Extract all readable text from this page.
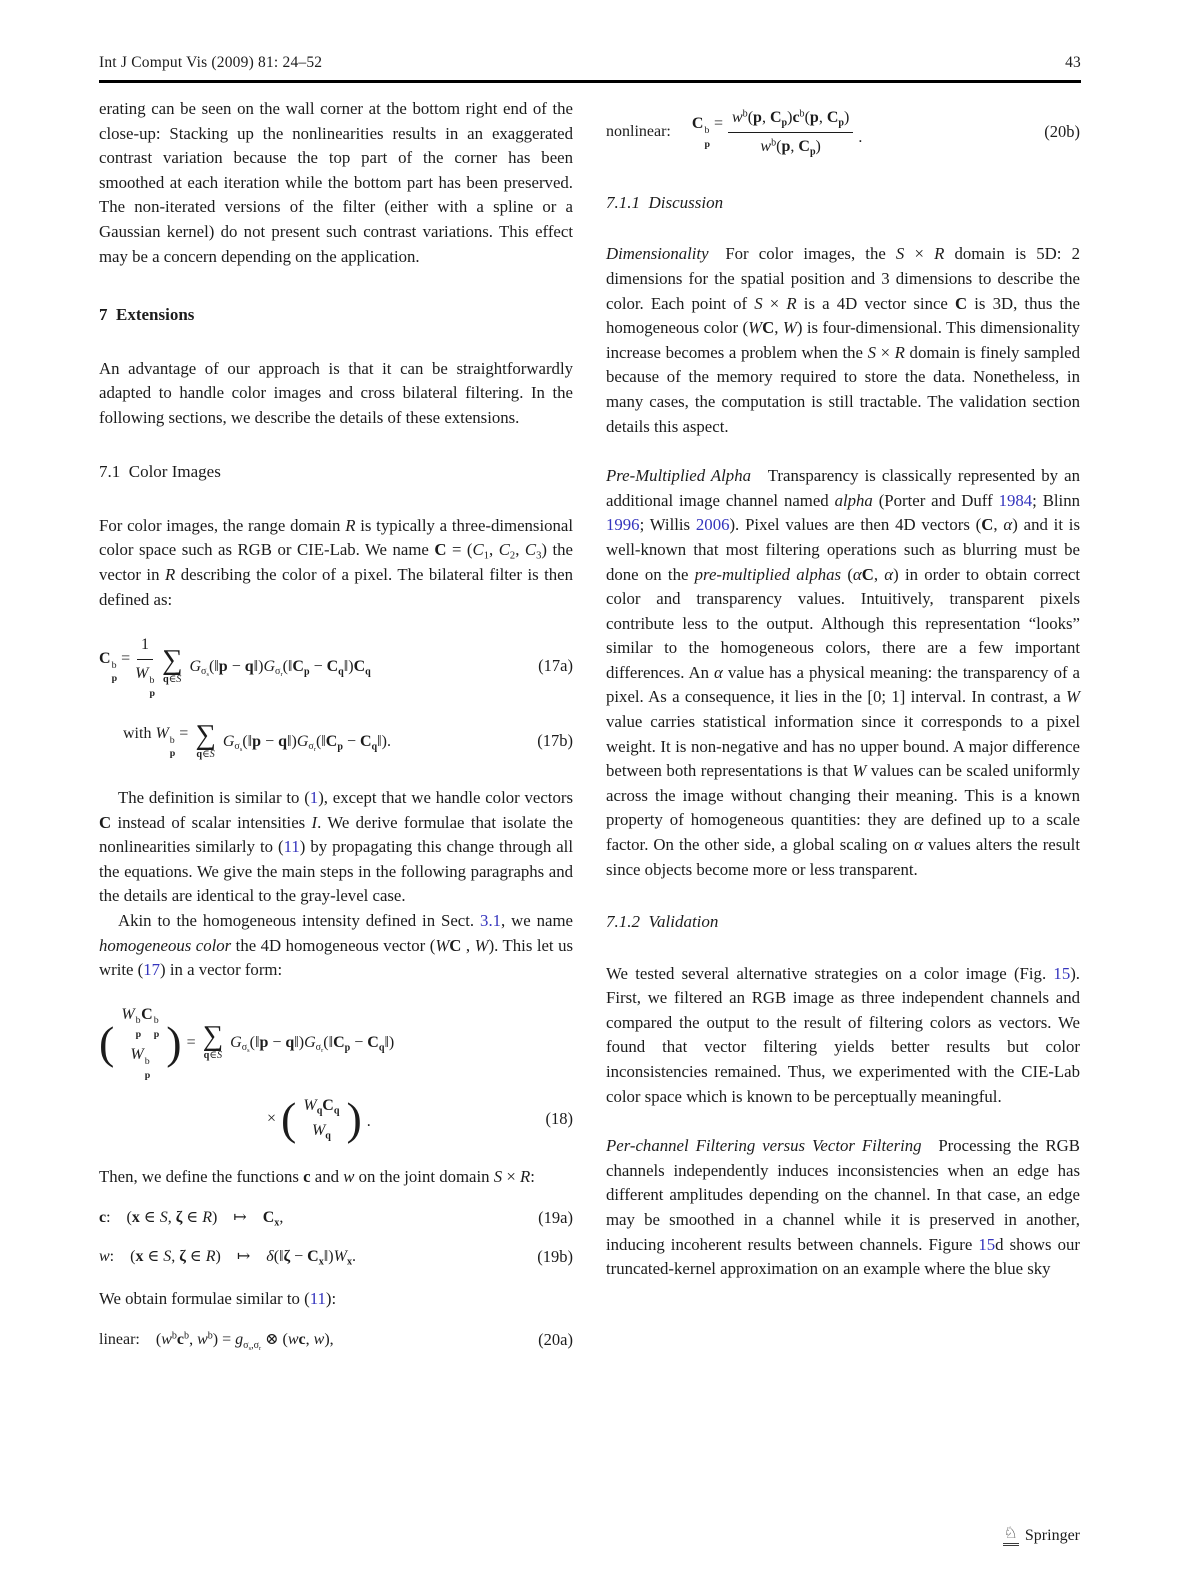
Int J Comput Vis (2009) 81: 24–52	43

erating can be seen on the wall corner at the bottom right end of the close-up: Stacking up the nonlinearities results in an exaggerated contrast variation because the top part of the corner has been smoothed at each iteration while the bottom part has been preserved. The non-iterated versions of the filter (either with a spline or a Gaussian kernel) do not present such contrast variations. This effect may be a concern depending on the application.

7 Extensions

An advantage of our approach is that it can be straightforwardly adapted to handle color images and cross bilateral filtering. In the following sections, we describe the details of these extensions.

7.1 Color Images

For color images, the range domain R is typically a three-dimensional color space such as RGB or CIE-Lab. We name $C = (C_1$, $C_2$, $C_3$) the vector in R describing the color of a pixel. The bilateral filter is then defined as:

C b
p
= 1
W b
p ∑
q∈S
$G_{\sigma_s}(‖p$ − $q‖)G_{\sigma_r}(‖C_p$ − $C_q‖)C_q$	(17a)
with W b
p
= ∑
q∈S
$G_{\sigma_s}(‖p$ − $q‖)G_{\sigma_r}(‖C_p$ − $C_q‖$).	(17b)

The definition is similar to (1), except that we handle color vectors C instead of scalar intensities I. We derive formulae that isolate the nonlinearities similarly to (11) by propagating this change through all the equations. We give the main steps in the following paragraphs and the details are identical to the gray-level case.

Akin to the homogeneous intensity defined in Sect. 3.1, we name homogeneous color the 4D homogeneous vector (WC , W). This let us write (17) in a vector form:

(
W b
p
C b
p
W b
p
) = ∑
q∈S
$G_{\sigma_s}(‖p$ − $q‖)G_{\sigma_r}(‖C_p$ − $C_q‖$)
× ( $W_qC_q$
$W_q$ ) .	(18)

Then, we define the functions c and w on the joint domain S × R:

c:  (x ∈ S, ζ ∈ R) ↦ $C_x$,	(19a)
w:  (x ∈ S, ζ ∈ R) ↦ δ(‖ζ − $C_x‖)W_x$.	(19b)

We obtain formulae similar to (11):

linear: ($w^bc^b$, $w^b) = g_{\sigma_s,\sigma_r}$ ⊗ (wc, w),	(20a)
nonlinear: C b
p
= $\frac{w^b(p, C_p)c^b(p, C_p)}{w^b(p, C_p)}$ .	(20b)
7.1.1 Discussion

Dimensionality  For color images, the S × R domain is 5D: 2 dimensions for the spatial position and 3 dimensions to describe the color. Each point of S × R is a 4D vector since C is 3D, thus the homogeneous color (WC, W) is four-dimensional. This dimensionality increase becomes a problem when the S × R domain is finely sampled because of the memory required to store the data. Nonetheless, in many cases, the computation is still tractable. The validation section details this aspect.

Pre-Multiplied Alpha  Transparency is classically represented by an additional image channel named alpha (Porter and Duff 1984; Blinn 1996; Willis 2006). Pixel values are then 4D vectors (C, α) and it is well-known that most filtering operations such as blurring must be done on the pre-multiplied alphas (αC, α) in order to obtain correct color and transparency values. Intuitively, transparent pixels contribute less to the output. Although this representation “looks” similar to the homogeneous colors, there are a few important differences. An α value has a physical meaning: the transparency of a pixel. As a consequence, it lies in the [0; 1] interval. In contrast, a W value carries statistical information since it corresponds to a pixel weight. It is non-negative and has no upper bound. A major difference between both representations is that W values can be scaled uniformly across the image without changing their meaning. This is a known property of homogeneous quantities: they are defined up to a scale factor. On the other side, a global scaling on α values alters the result since objects become more or less transparent.

7.1.2 Validation

We tested several alternative strategies on a color image (Fig. 15). First, we filtered an RGB image as three independent channels and compared the output to the result of filtering colors as vectors. We found that vector filtering yields better results but color inconsistencies remained. Thus, we experimented with the CIE-Lab color space which is known to be perceptually meaningful.

Per-channel Filtering versus Vector Filtering  Processing the RGB channels independently induces inconsistencies when an edge has different amplitudes depending on the channel. In that case, an edge may be smoothed in a channel while it is preserved in another, inducing incoherent results between channels. Figure 15d shows our truncated-kernel approximation on an example where the blue sky

♘ Springer
